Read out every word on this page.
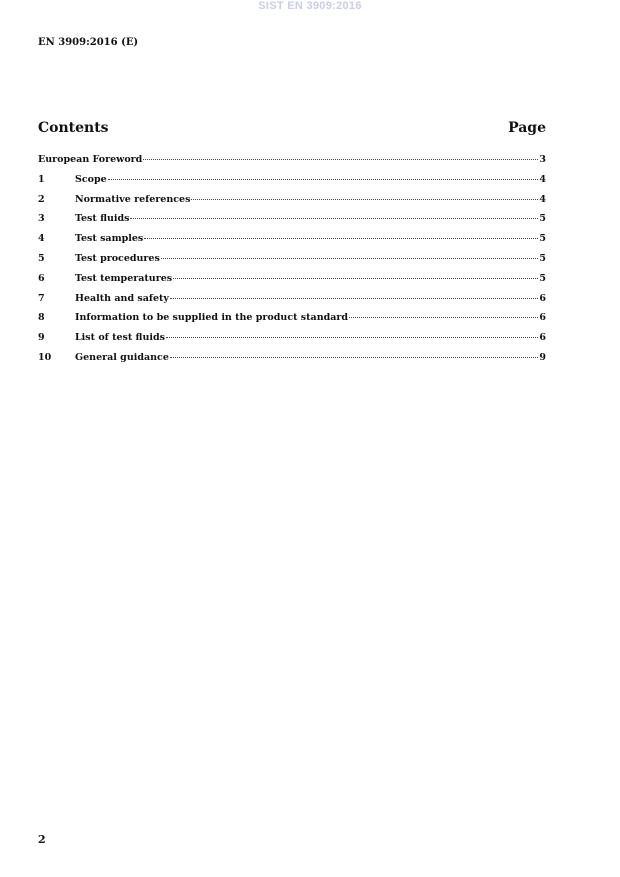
SIST EN 3909:2016
EN 3909:2016 (E)
Contents	Page
European Foreword	3
1	Scope	4
2	Normative references	4
3	Test fluids	5
4	Test samples	5
5	Test procedures	5
6	Test temperatures	5
7	Health and safety	6
8	Information to be supplied in the product standard	6
9	List of test fluids	6
10	General guidance	9
2
